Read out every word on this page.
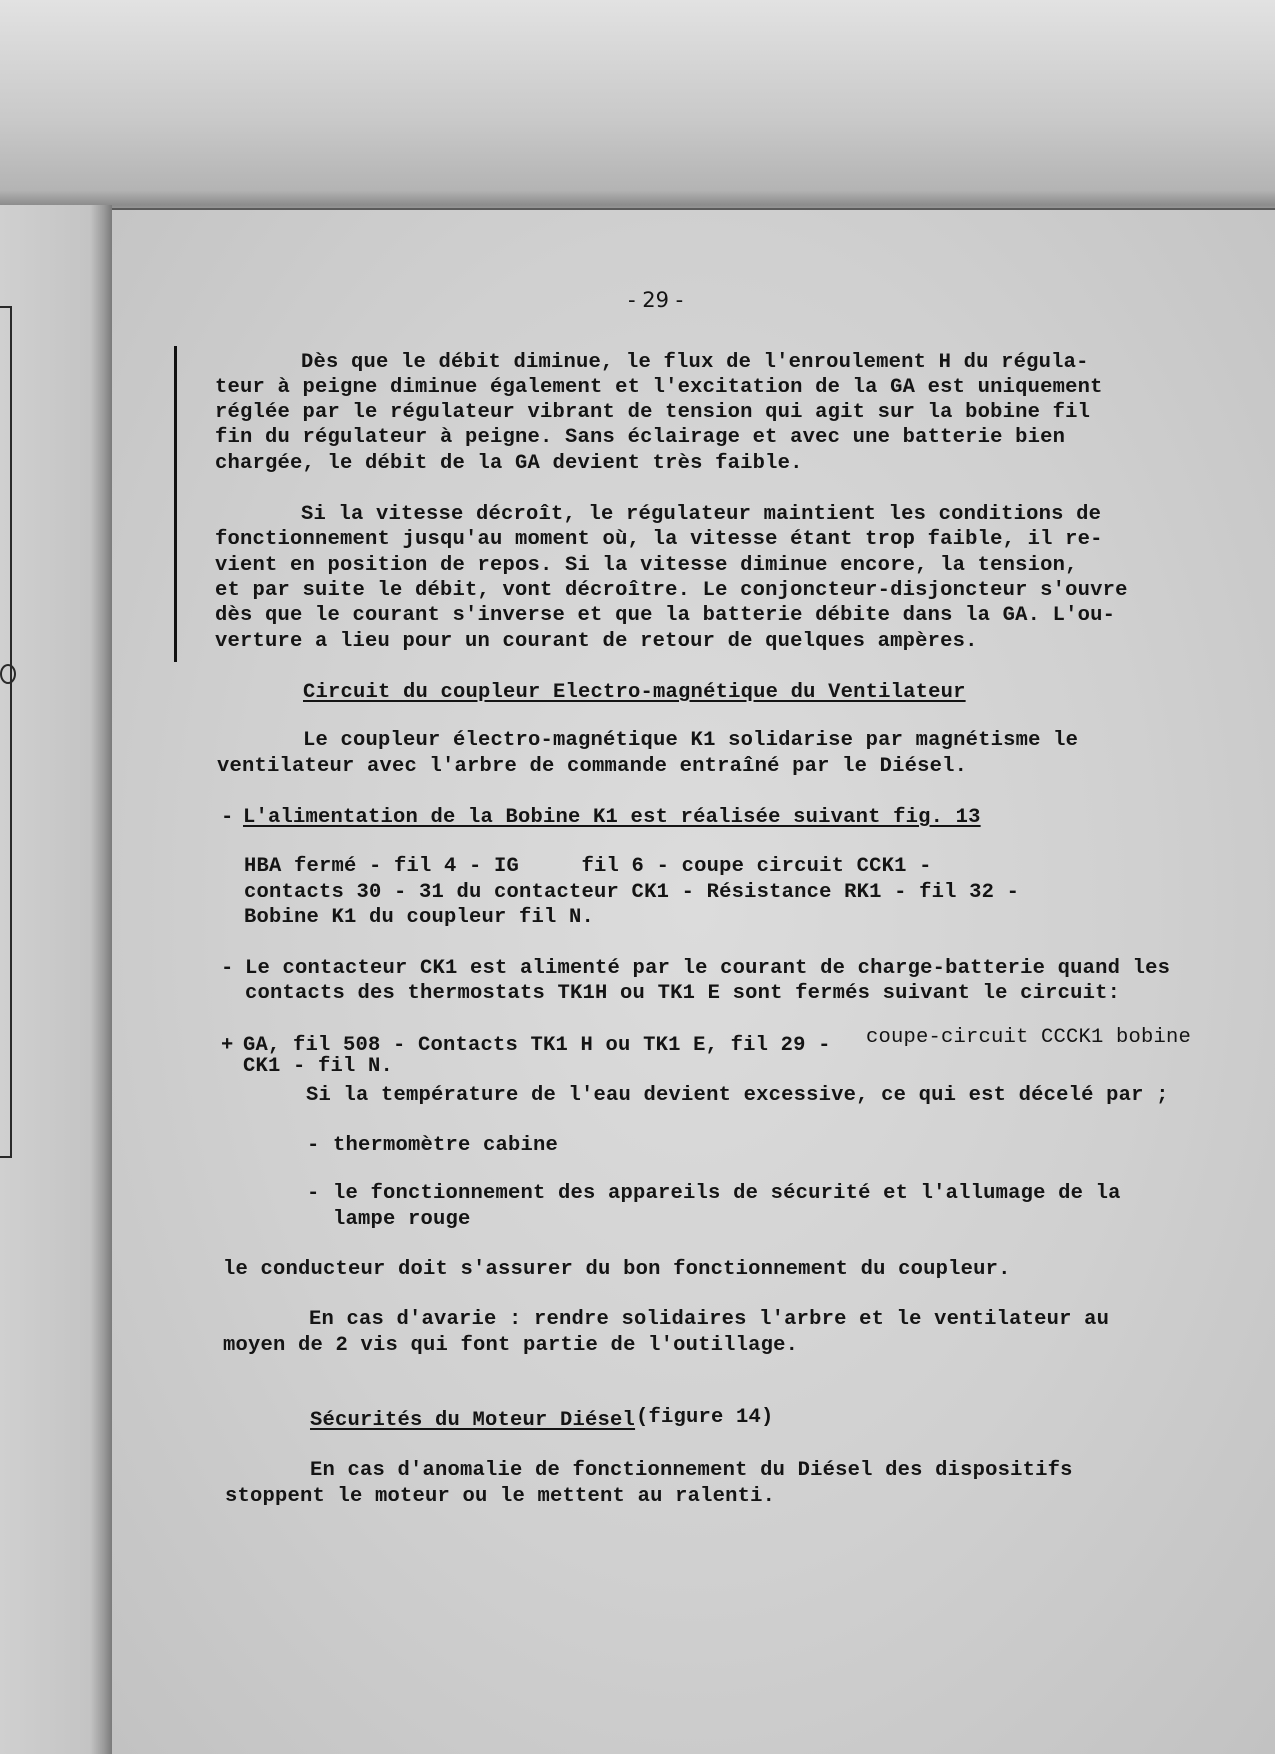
- 29 -
Dès que le débit diminue, le flux de l'enroulement H du régula-
teur à peigne diminue également et l'excitation de la GA est uniquement
réglée par le régulateur vibrant de tension qui agit sur la bobine fil
fin du régulateur à peigne. Sans éclairage et avec une batterie bien
chargée, le débit de la GA devient très faible.
Si la vitesse décroît, le régulateur maintient les conditions de
fonctionnement jusqu'au moment où, la vitesse étant trop faible, il re-
vient en position de repos. Si la vitesse diminue encore, la tension,
et par suite le débit, vont décroître. Le conjoncteur-disjoncteur s'ouvre
dès que le courant s'inverse et que la batterie débite dans la GA. L'ou-
verture a lieu pour un courant de retour de quelques ampères.
Circuit du coupleur Electro-magnétique du Ventilateur
Le coupleur électro-magnétique K1 solidarise par magnétisme le
ventilateur avec l'arbre de commande entraîné par le Diésel.
- L'alimentation de la Bobine K1 est réalisée suivant fig. 13
HBA fermé - fil 4 - IG     fil 6 - coupe circuit CCK1 -
contacts 30 - 31 du contacteur CK1 - Résistance RK1 - fil 32 -
Bobine K1 du coupleur fil N.
- Le contacteur CK1 est alimenté par le courant de charge-batterie quand les
contacts des thermostats TK1H ou TK1 E sont fermés suivant le circuit:
+ GA, fil 508 - Contacts TK1 H ou TK1 E, fil 29 - coupe-circuit CCCK1 bobine
CK1 - fil N.
Si la température de l'eau devient excessive, ce qui est décelé par ;
- thermomètre cabine
- le fonctionnement des appareils de sécurité et l'allumage de la
lampe rouge
le conducteur doit s'assurer du bon fonctionnement du coupleur.
En cas d'avarie : rendre solidaires l'arbre et le ventilateur au
moyen de 2 vis qui font partie de l'outillage.
Sécurités du Moteur Diésel (figure 14)
En cas d'anomalie de fonctionnement du Diésel des dispositifs
stoppent le moteur ou le mettent au ralenti.
